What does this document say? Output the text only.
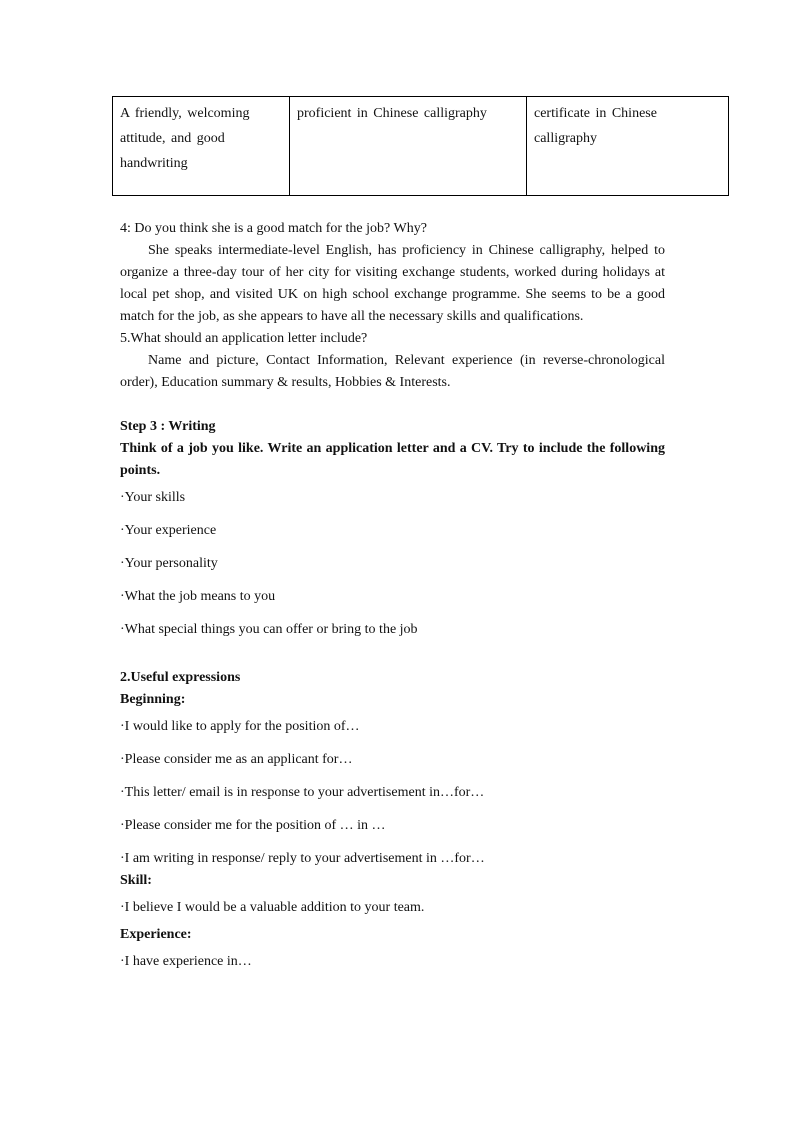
A friendly, welcoming attitude, and good handwriting	proficient in Chinese calligraphy	certificate in Chinese calligraphy

4: Do you think she is a good match for the job? Why?

She speaks intermediate-level English, has proficiency in Chinese calligraphy, helped to organize a three-day tour of her city for visiting exchange students, worked during holidays at local pet shop, and visited UK on high school exchange programme. She seems to be a good match for the job, as she appears to have all the necessary skills and qualifications.

5.What should an application letter include?

Name and picture, Contact Information, Relevant experience (in reverse-chronological order), Education summary & results, Hobbies & Interests.

Step 3 : Writing

Think of a job you like. Write an application letter and a CV. Try to include the following points.

·Your skills

·Your experience

·Your personality

·What the job means to you

·What special things you can offer or bring to the job

2.Useful expressions

Beginning:

·I would like to apply for the position of…

·Please consider me as an applicant for…

·This letter/ email is in response to your advertisement in…for…

·Please consider me for the position of … in …

·I am writing in response/ reply to your advertisement in …for…

Skill:

·I believe I would be a valuable addition to your team.

Experience:

·I have experience in…
